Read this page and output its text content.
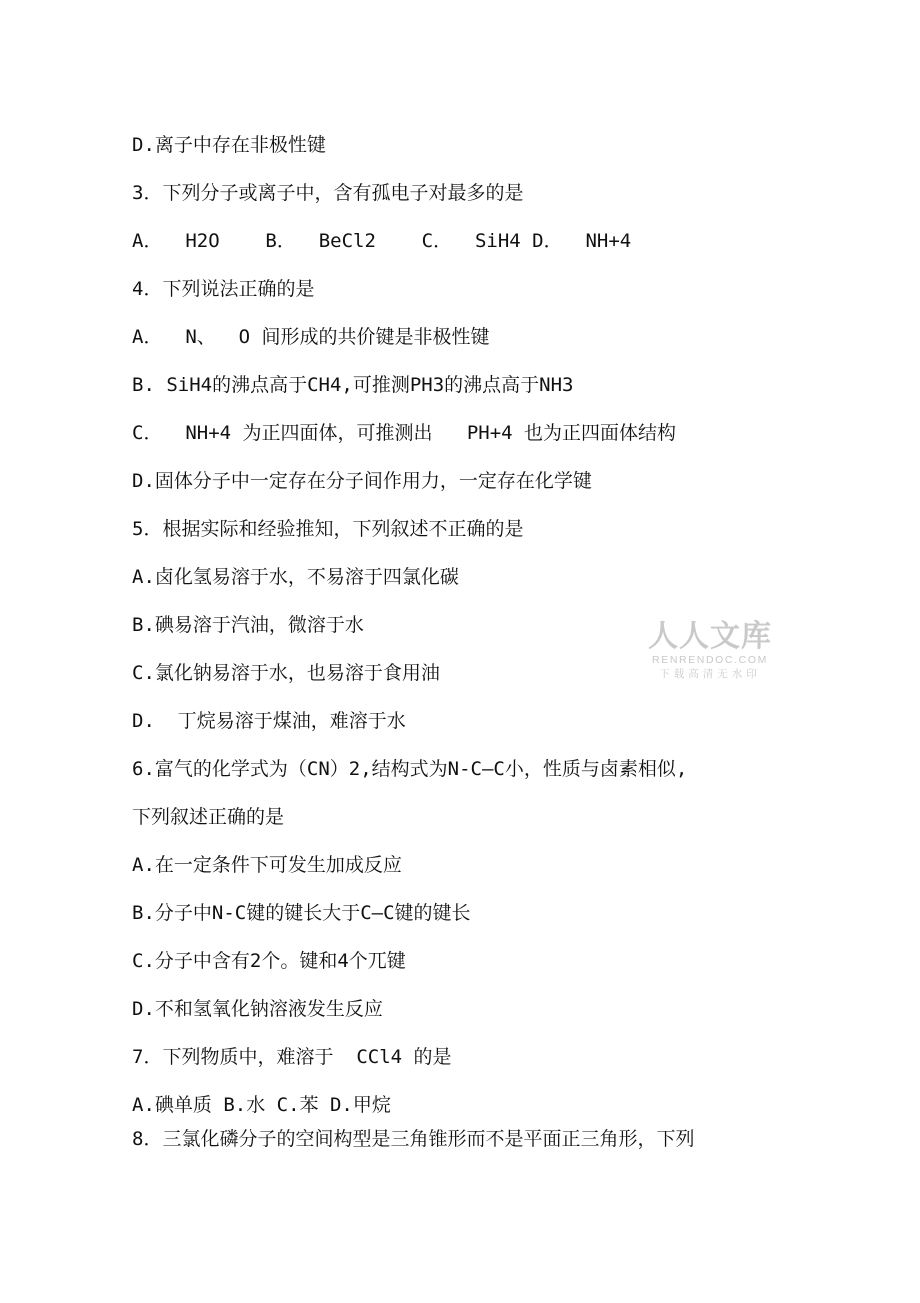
D.离子中存在非极性键
3．下列分子或离子中，含有孤电子对最多的是
A．  H2O    B．  BeCl2    C．  SiH4 D．  NH+4
4．下列说法正确的是
A．  N、  O 间形成的共价键是非极性键
B. SiH4的沸点高于CH4,可推测PH3的沸点高于NH3
C．  NH+4 为正四面体，可推测出   PH+4 也为正四面体结构
D.固体分子中一定存在分子间作用力，一定存在化学键
5．根据实际和经验推知，下列叙述不正确的是
A.卤化氢易溶于水，不易溶于四氯化碳
B.碘易溶于汽油，微溶于水
C.氯化钠易溶于水，也易溶于食用油
D.  丁烷易溶于煤油，难溶于水
6.富气的化学式为（CN）2,结构式为N-C—C小，性质与卤素相似,
下列叙述正确的是
A.在一定条件下可发生加成反应
B.分子中N-C键的键长大于C—C键的键长
C.分子中含有2个。键和4个兀键
D.不和氢氧化钠溶液发生反应
7．下列物质中，难溶于  CCl4 的是
A.碘单质 B.水 C.苯 D.甲烷
8．三氯化磷分子的空间构型是三角锥形而不是平面正三角形，下列
人人文库
RENRENDOC.COM
下载高清无水印
